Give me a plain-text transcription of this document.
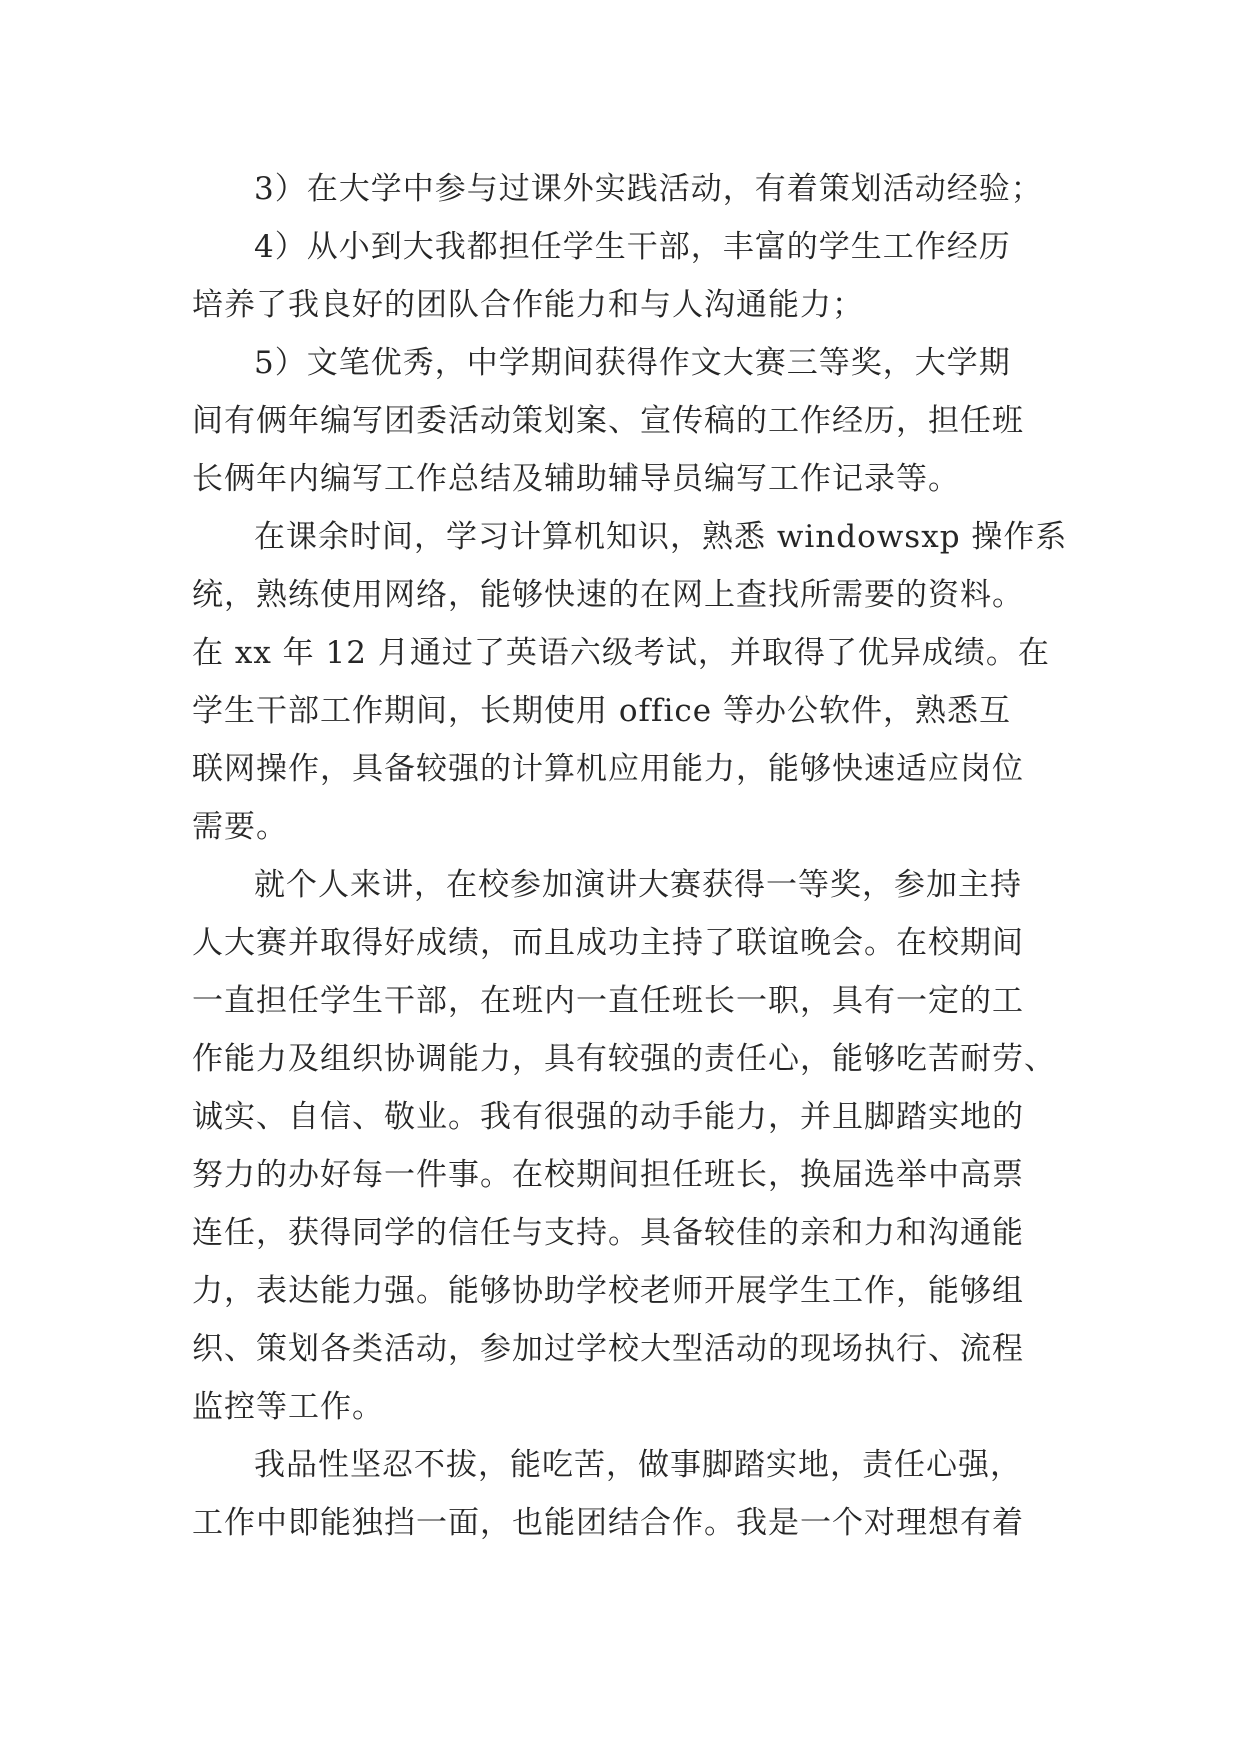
3）在大学中参与过课外实践活动，有着策划活动经验；

4）从小到大我都担任学生干部，丰富的学生工作经历
培养了我良好的团队合作能力和与人沟通能力；

5）文笔优秀，中学期间获得作文大赛三等奖，大学期
间有俩年编写团委活动策划案、宣传稿的工作经历，担任班
长俩年内编写工作总结及辅助辅导员编写工作记录等。

在课余时间，学习计算机知识，熟悉 windowsxp 操作系
统，熟练使用网络，能够快速的在网上查找所需要的资料。
在 xx 年 12 月通过了英语六级考试，并取得了优异成绩。在
学生干部工作期间，长期使用 office 等办公软件，熟悉互
联网操作，具备较强的计算机应用能力，能够快速适应岗位
需要。

就个人来讲，在校参加演讲大赛获得一等奖，参加主持
人大赛并取得好成绩，而且成功主持了联谊晚会。在校期间
一直担任学生干部，在班内一直任班长一职，具有一定的工
作能力及组织协调能力，具有较强的责任心，能够吃苦耐劳、
诚实、自信、敬业。我有很强的动手能力，并且脚踏实地的
努力的办好每一件事。在校期间担任班长，换届选举中高票
连任，获得同学的信任与支持。具备较佳的亲和力和沟通能
力，表达能力强。能够协助学校老师开展学生工作，能够组
织、策划各类活动，参加过学校大型活动的现场执行、流程
监控等工作。

我品性坚忍不拔，能吃苦，做事脚踏实地，责任心强，
工作中即能独挡一面，也能团结合作。我是一个对理想有着
